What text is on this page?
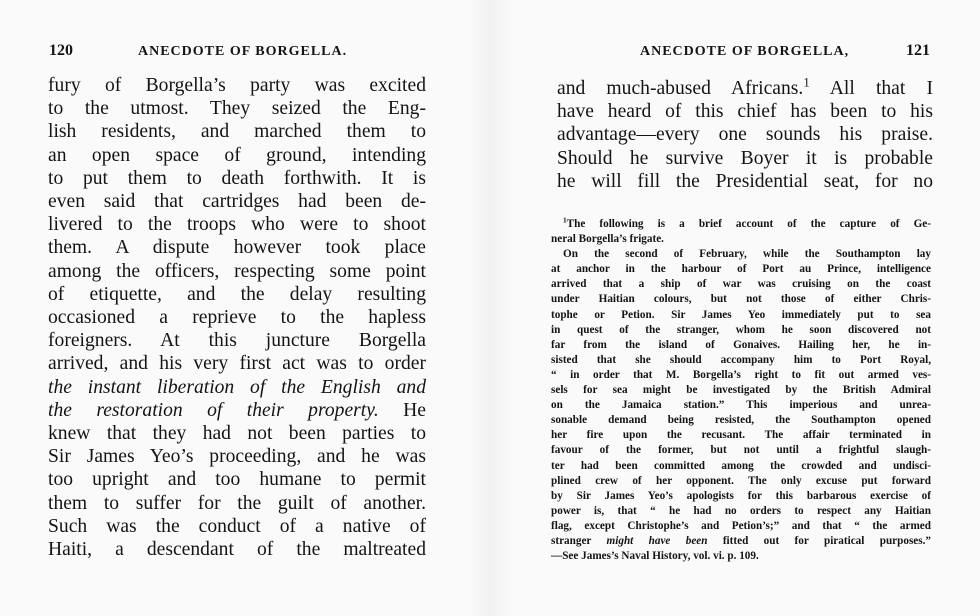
120	ANECDOTE OF BORGELLA.
fury of Borgella’s party was excited
to the utmost. They seized the Eng-
lish residents, and marched them to
an open space of ground, intending
to put them to death forthwith. It is
even said that cartridges had been de-
livered to the troops who were to shoot
them. A dispute however took place
among the officers, respecting some point
of etiquette, and the delay resulting
occasioned a reprieve to the hapless
foreigners. At this juncture Borgella
arrived, and his very first act was to order
the instant liberation of the English and
the restoration of their property. He
knew that they had not been parties to
Sir James Yeo’s proceeding, and he was
too upright and too humane to permit
them to suffer for the guilt of another.
Such was the conduct of a native of
Haiti, a descendant of the maltreated
ANECDOTE OF BORGELLA,	121
and much-abused Africans.$^1$ All that I
have heard of this chief has been to his
advantage—every one sounds his praise.
Should he survive Boyer it is probable
he will fill the Presidential seat, for no
$^1$The following is a brief account of the capture of Ge-
neral Borgella’s frigate.
On the second of February, while the Southampton lay
at anchor in the harbour of Port au Prince, intelligence
arrived that a ship of war was cruising on the coast
under Haitian colours, but not those of either Chris-
tophe or Petion. Sir James Yeo immediately put to sea
in quest of the stranger, whom he soon discovered not
far from the island of Gonaives. Hailing her, he in-
sisted that she should accompany him to Port Royal,
“ in order that M. Borgella’s right to fit out armed ves-
sels for sea might be investigated by the British Admiral
on the Jamaica station.” This imperious and unrea-
sonable demand being resisted, the Southampton opened
her fire upon the recusant. The affair terminated in
favour of the former, but not until a frightful slaugh-
ter had been committed among the crowded and undisci-
plined crew of her opponent. The only excuse put forward
by Sir James Yeo’s apologists for this barbarous exercise of
power is, that “ he had no orders to respect any Haitian
flag, except Christophe’s and Petion’s;” and that “ the armed
stranger might have been fitted out for piratical purposes.”
—See James’s Naval History, vol. vi. p. 109.
